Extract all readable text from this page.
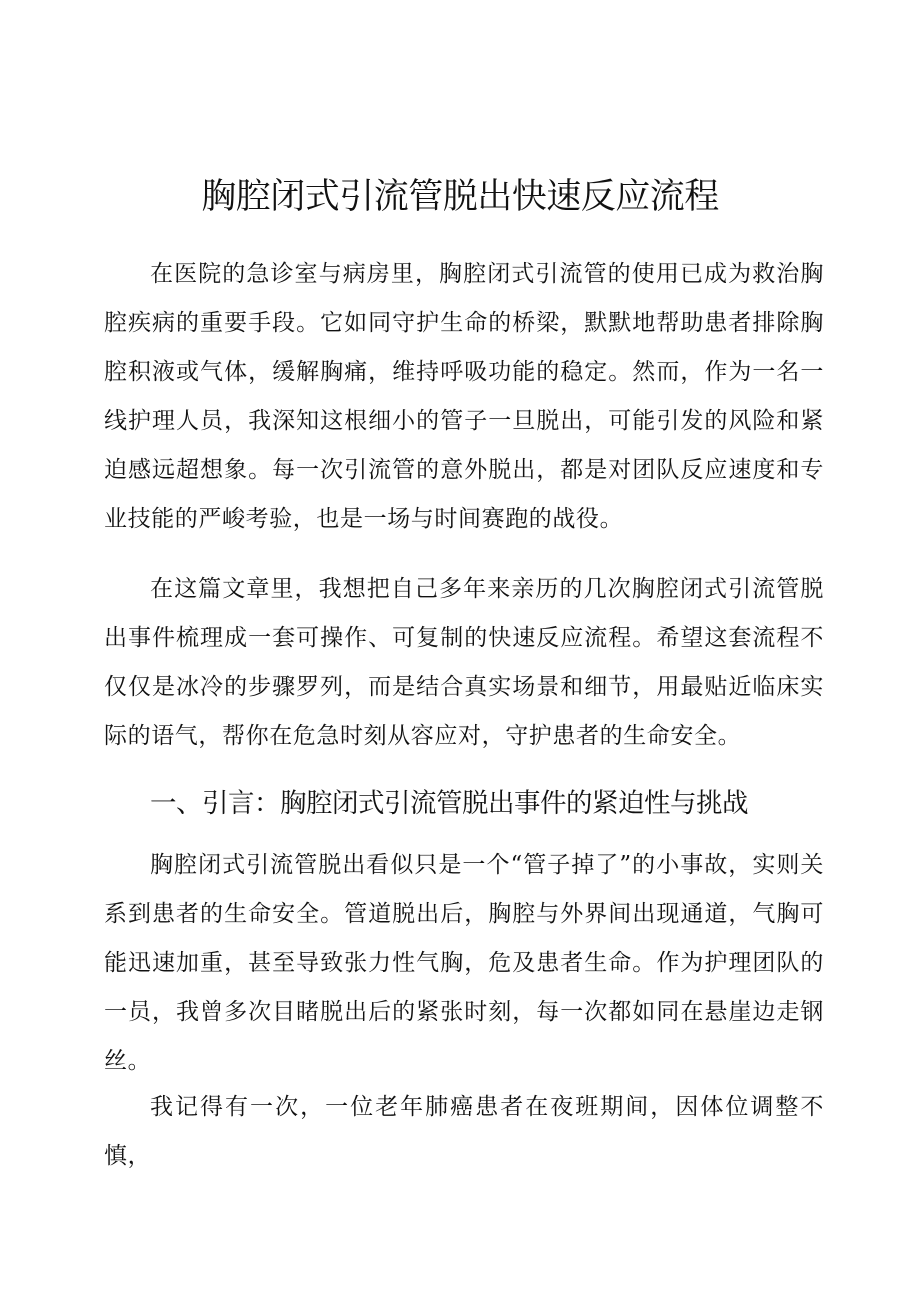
胸腔闭式引流管脱出快速反应流程

在医院的急诊室与病房里，胸腔闭式引流管的使用已成为救治胸腔疾病的重要手段。它如同守护生命的桥梁，默默地帮助患者排除胸腔积液或气体，缓解胸痛，维持呼吸功能的稳定。然而，作为一名一线护理人员，我深知这根细小的管子一旦脱出，可能引发的风险和紧迫感远超想象。每一次引流管的意外脱出，都是对团队反应速度和专业技能的严峻考验，也是一场与时间赛跑的战役。

在这篇文章里，我想把自己多年来亲历的几次胸腔闭式引流管脱出事件梳理成一套可操作、可复制的快速反应流程。希望这套流程不仅仅是冰冷的步骤罗列，而是结合真实场景和细节，用最贴近临床实际的语气，帮你在危急时刻从容应对，守护患者的生命安全。

一、引言：胸腔闭式引流管脱出事件的紧迫性与挑战

胸腔闭式引流管脱出看似只是一个“管子掉了”的小事故，实则关系到患者的生命安全。管道脱出后，胸腔与外界间出现通道，气胸可能迅速加重，甚至导致张力性气胸，危及患者生命。作为护理团队的一员，我曾多次目睹脱出后的紧张时刻，每一次都如同在悬崖边走钢丝。

我记得有一次，一位老年肺癌患者在夜班期间，因体位调整不慎，
